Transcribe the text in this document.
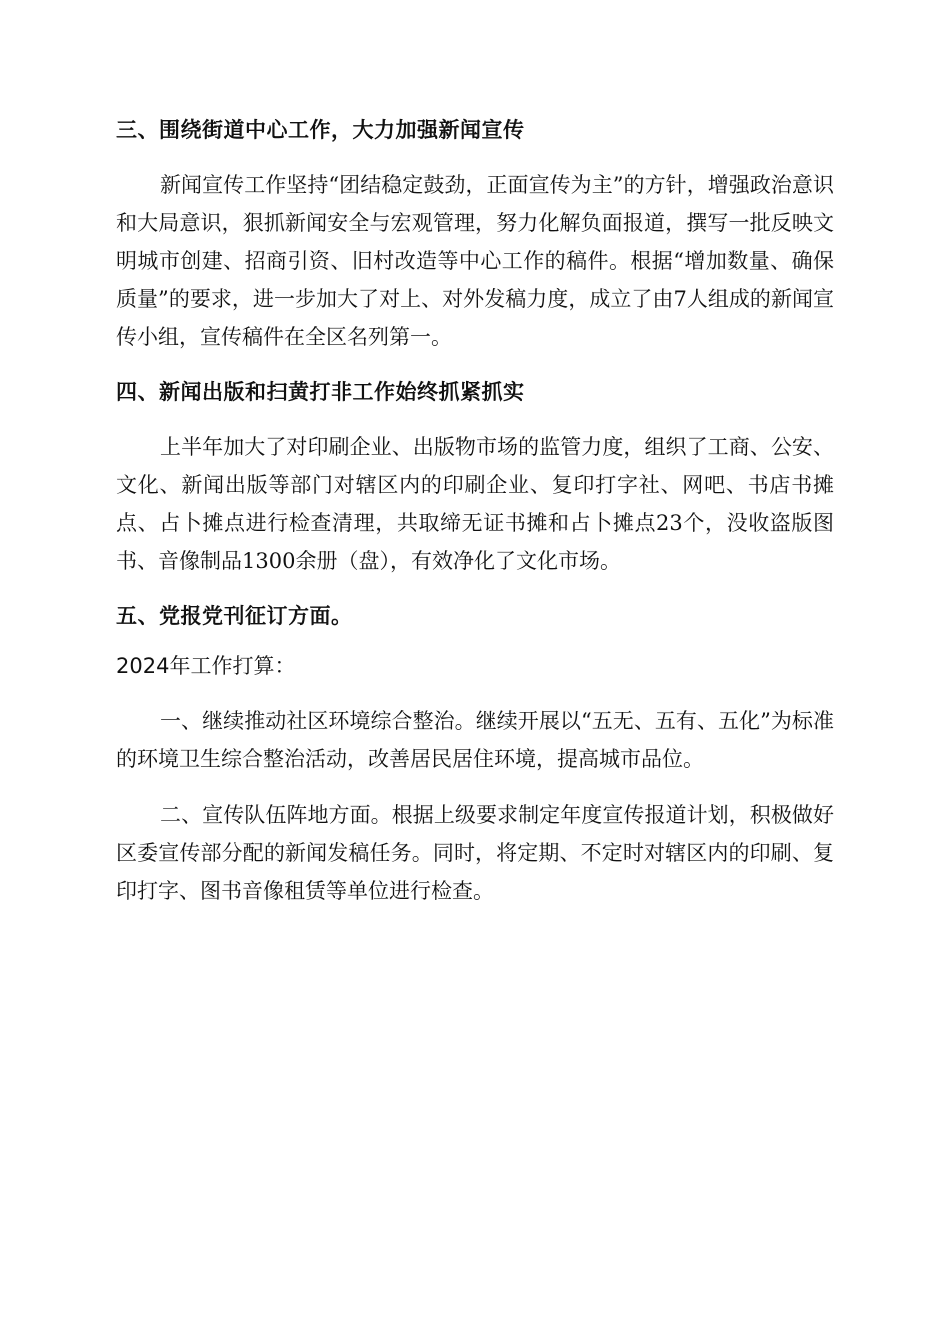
三、围绕街道中心工作，大力加强新闻宣传

新闻宣传工作坚持“团结稳定鼓劲，正面宣传为主”的方针，增强政治意识和大局意识，狠抓新闻安全与宏观管理，努力化解负面报道，撰写一批反映文明城市创建、招商引资、旧村改造等中心工作的稿件。根据“增加数量、确保质量”的要求，进一步加大了对上、对外发稿力度，成立了由7人组成的新闻宣传小组，宣传稿件在全区名列第一。

四、新闻出版和扫黄打非工作始终抓紧抓实

上半年加大了对印刷企业、出版物市场的监管力度，组织了工商、公安、文化、新闻出版等部门对辖区内的印刷企业、复印打字社、网吧、书店书摊点、占卜摊点进行检查清理，共取缔无证书摊和占卜摊点23个，没收盗版图书、音像制品1300余册（盘），有效净化了文化市场。

五、党报党刊征订方面。

2024年工作打算：

一、继续推动社区环境综合整治。继续开展以“五无、五有、五化”为标准的环境卫生综合整治活动，改善居民居住环境，提高城市品位。

二、宣传队伍阵地方面。根据上级要求制定年度宣传报道计划，积极做好区委宣传部分配的新闻发稿任务。同时，将定期、不定时对辖区内的印刷、复印打字、图书音像租赁等单位进行检查。
